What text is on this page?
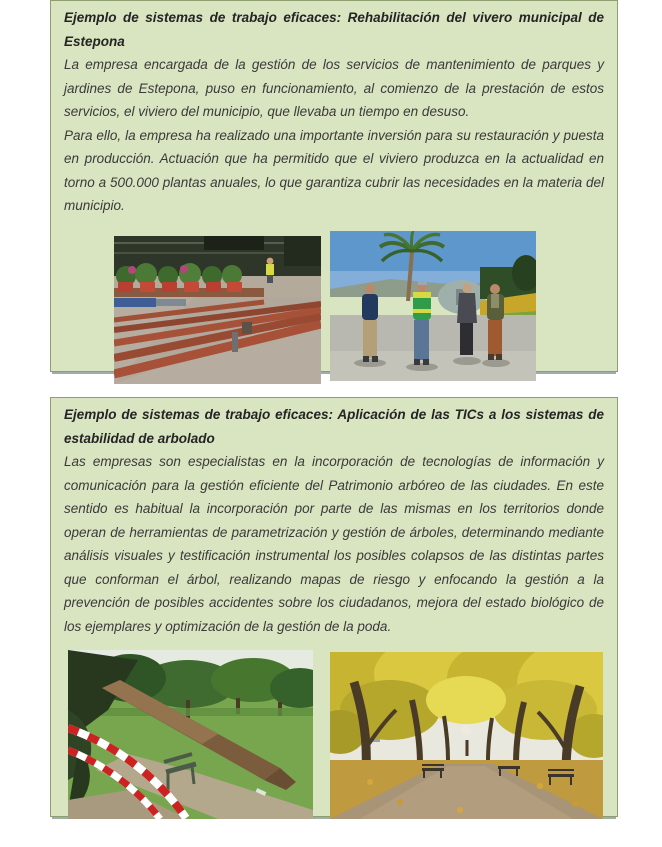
Ejemplo de sistemas de trabajo eficaces: Rehabilitación del vivero municipal de Estepona

La empresa encargada de la gestión de los servicios de mantenimiento de parques y jardines de Estepona, puso en funcionamiento, al comienzo de la prestación de estos servicios, el viviero del municipio, que llevaba un tiempo en desuso.

Para ello, la empresa ha realizado una importante inversión para su restauración y puesta en producción. Actuación que ha permitido que el viviero produzca en la actualidad en torno a 500.000 plantas anuales, lo que garantiza cubrir las necesidades en la materia del municipio.

Ejemplo de sistemas de trabajo eficaces: Aplicación de las TICs a los sistemas de estabilidad de arbolado

Las empresas son especialistas en la incorporación de tecnologías de información y comunicación para la gestión eficiente del Patrimonio arbóreo de las ciudades. En este sentido es habitual la incorporación por parte de las mismas en los territorios donde operan de herramientas de parametrización y gestión de árboles, determinando mediante análisis visuales y testificación instrumental los posibles colapsos de las distintas partes que conforman el árbol, realizando mapas de riesgo y enfocando la gestión a la prevención de posibles accidentes sobre los ciudadanos, mejora del estado biológico de los ejemplares y optimización de la gestión de la poda.
